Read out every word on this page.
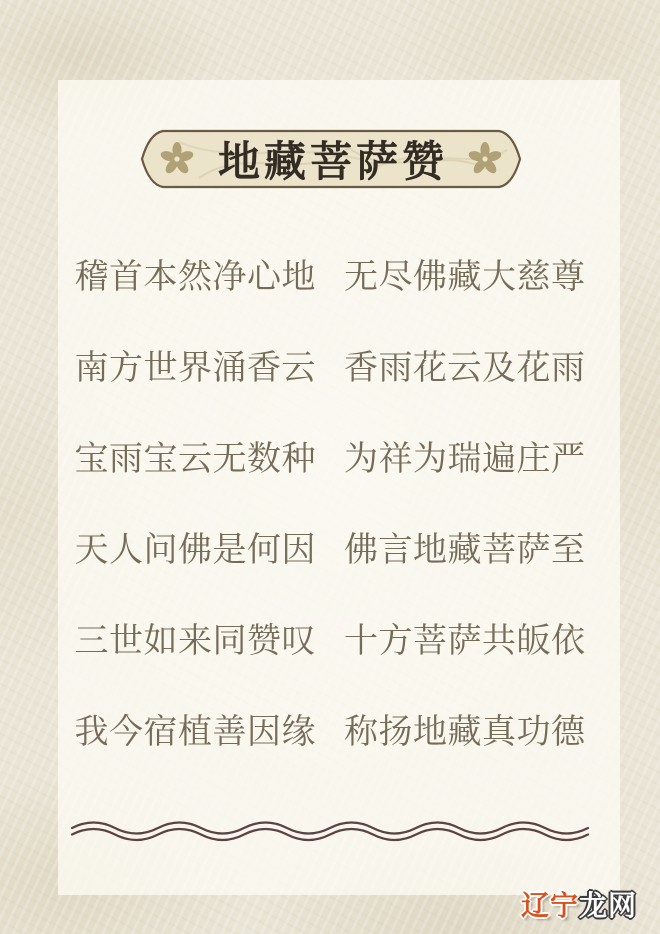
地藏菩萨赞
稽首本然净心地 无尽佛藏大慈尊
南方世界涌香云 香雨花云及花雨
宝雨宝云无数种 为祥为瑞遍庄严
天人问佛是何因 佛言地藏菩萨至
三世如来同赞叹 十方菩萨共皈依
我今宿植善因缘 称扬地藏真功德
辽宁龙网
